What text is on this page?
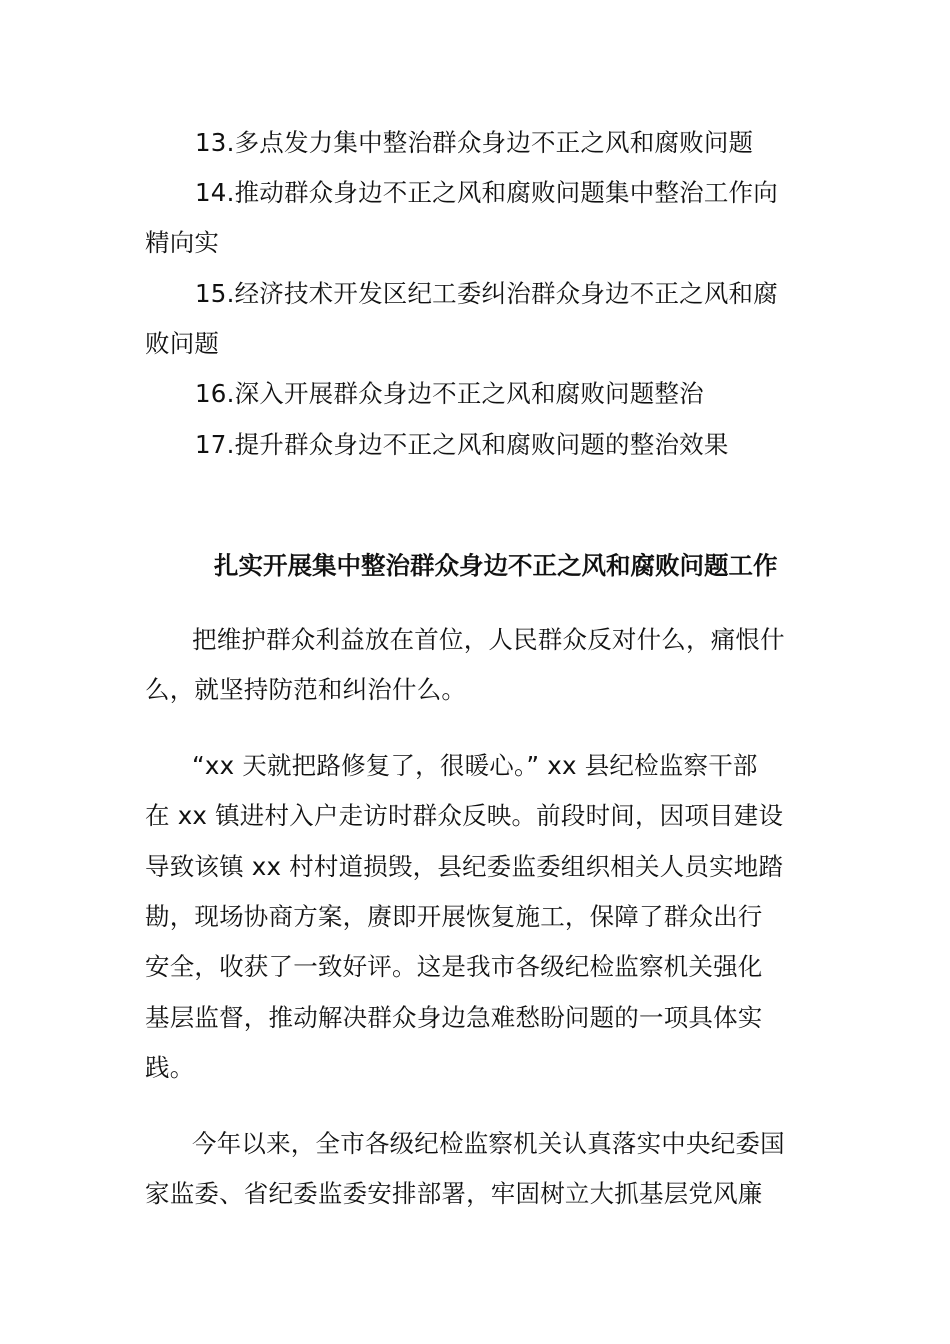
13.多点发力集中整治群众身边不正之风和腐败问题
14.推动群众身边不正之风和腐败问题集中整治工作向
精向实
15.经济技术开发区纪工委纠治群众身边不正之风和腐
败问题
16.深入开展群众身边不正之风和腐败问题整治
17.提升群众身边不正之风和腐败问题的整治效果
扎实开展集中整治群众身边不正之风和腐败问题工作
把维护群众利益放在首位，人民群众反对什么，痛恨什
么，就坚持防范和纠治什么。
“xx 天就把路修复了，很暖心。” xx 县纪检监察干部
在 xx 镇进村入户走访时群众反映。前段时间，因项目建设
导致该镇 xx 村村道损毁，县纪委监委组织相关人员实地踏
勘，现场协商方案，赓即开展恢复施工，保障了群众出行
安全，收获了一致好评。这是我市各级纪检监察机关强化
基层监督，推动解决群众身边急难愁盼问题的一项具体实
践。
今年以来，全市各级纪检监察机关认真落实中央纪委国
家监委、省纪委监委安排部署，牢固树立大抓基层党风廉
